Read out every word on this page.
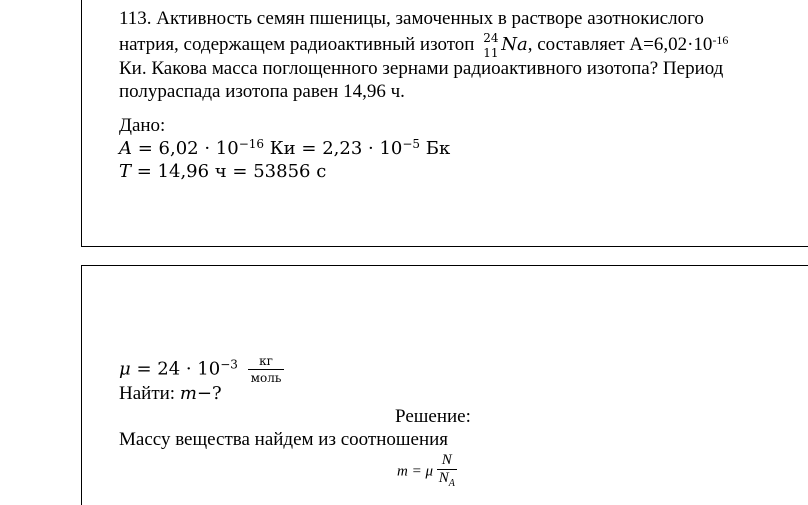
113. Активность семян пшеницы, замоченных в растворе азотнокислого
натрия, содержащем радиоактивный изотоп 24
11 Na, составляет $А=6,02\cdot 10^{-16}$
Ки. Какова масса поглощенного зернами радиоактивного изотопа? Период
полураспада изотопа равен 14,96 ч.
Дано:
$A = 6,02 \cdot 10^{-16}$ Ки = $2,23 \cdot 10^{-5}$ Бк
T = 14,96 ч = 53856 с
$\mu = 24 \cdot 10^{-3} \frac{кг}{\text{моль}}$
Найти: m−?
Решение:
Массу вещества найдем из соотношения
m = μ $\frac{N}{N_A}$
